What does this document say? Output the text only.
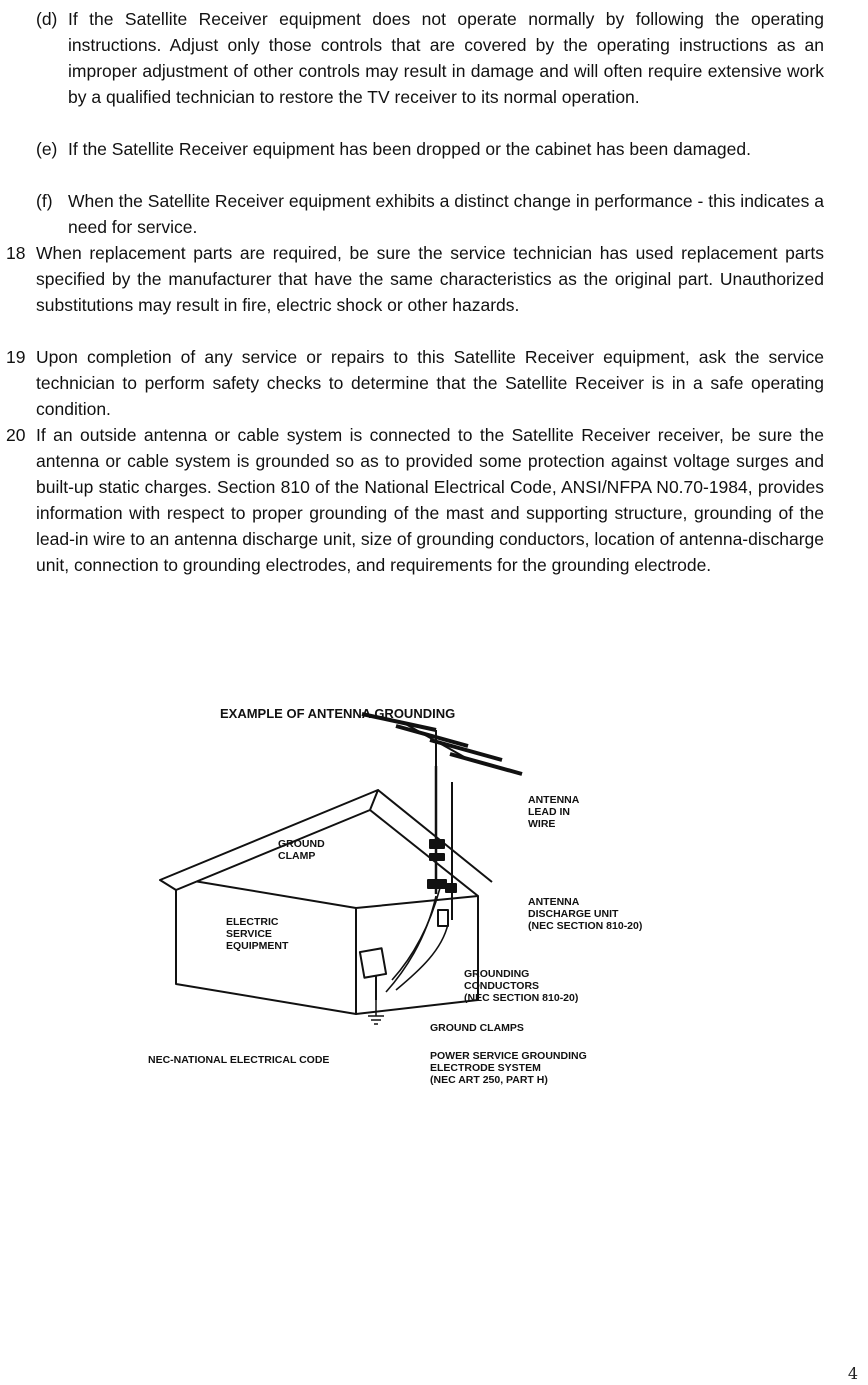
(d) If the Satellite Receiver equipment does not operate normally by following the operating instructions. Adjust only those controls that are covered by the operating instructions as an improper adjustment of other controls may result in damage and will often require extensive work by a qualified technician to restore the TV receiver to its normal operation.
(e) If the Satellite Receiver equipment has been dropped or the cabinet has been damaged.
(f) When the Satellite Receiver equipment exhibits a distinct change in performance - this indicates a need for service.
18 When replacement parts are required, be sure the service technician has used replacement parts specified by the manufacturer that have the same characteristics as the original part. Unauthorized substitutions may result in fire, electric shock or other hazards.
19 Upon completion of any service or repairs to this Satellite Receiver equipment, ask the service technician to perform safety checks to determine that the Satellite Receiver is in a safe operating condition.
20 If an outside antenna or cable system is connected to the Satellite Receiver receiver, be sure the antenna or cable system is grounded so as to provided some protection against voltage surges and built-up static charges. Section 810 of the National Electrical Code, ANSI/NFPA N0.70-1984, provides information with respect to proper grounding of the mast and supporting structure, grounding of the lead-in wire to an antenna discharge unit, size of grounding conductors, location of antenna-discharge unit, connection to grounding electrodes, and requirements for the grounding electrode.
EXAMPLE OF ANTENNA GROUNDING
ANTENNA
LEAD IN
WIRE
GROUND
CLAMP
ANTENNA
DISCHARGE UNIT
(NEC SECTION 810-20)
ELECTRIC
SERVICE
EQUIPMENT
GROUNDING
CONDUCTORS
(NEC SECTION 810-20)
GROUND CLAMPS
NEC-NATIONAL ELECTRICAL CODE	POWER SERVICE GROUNDING
ELECTRODE SYSTEM
(NEC ART 250, PART H)
4
